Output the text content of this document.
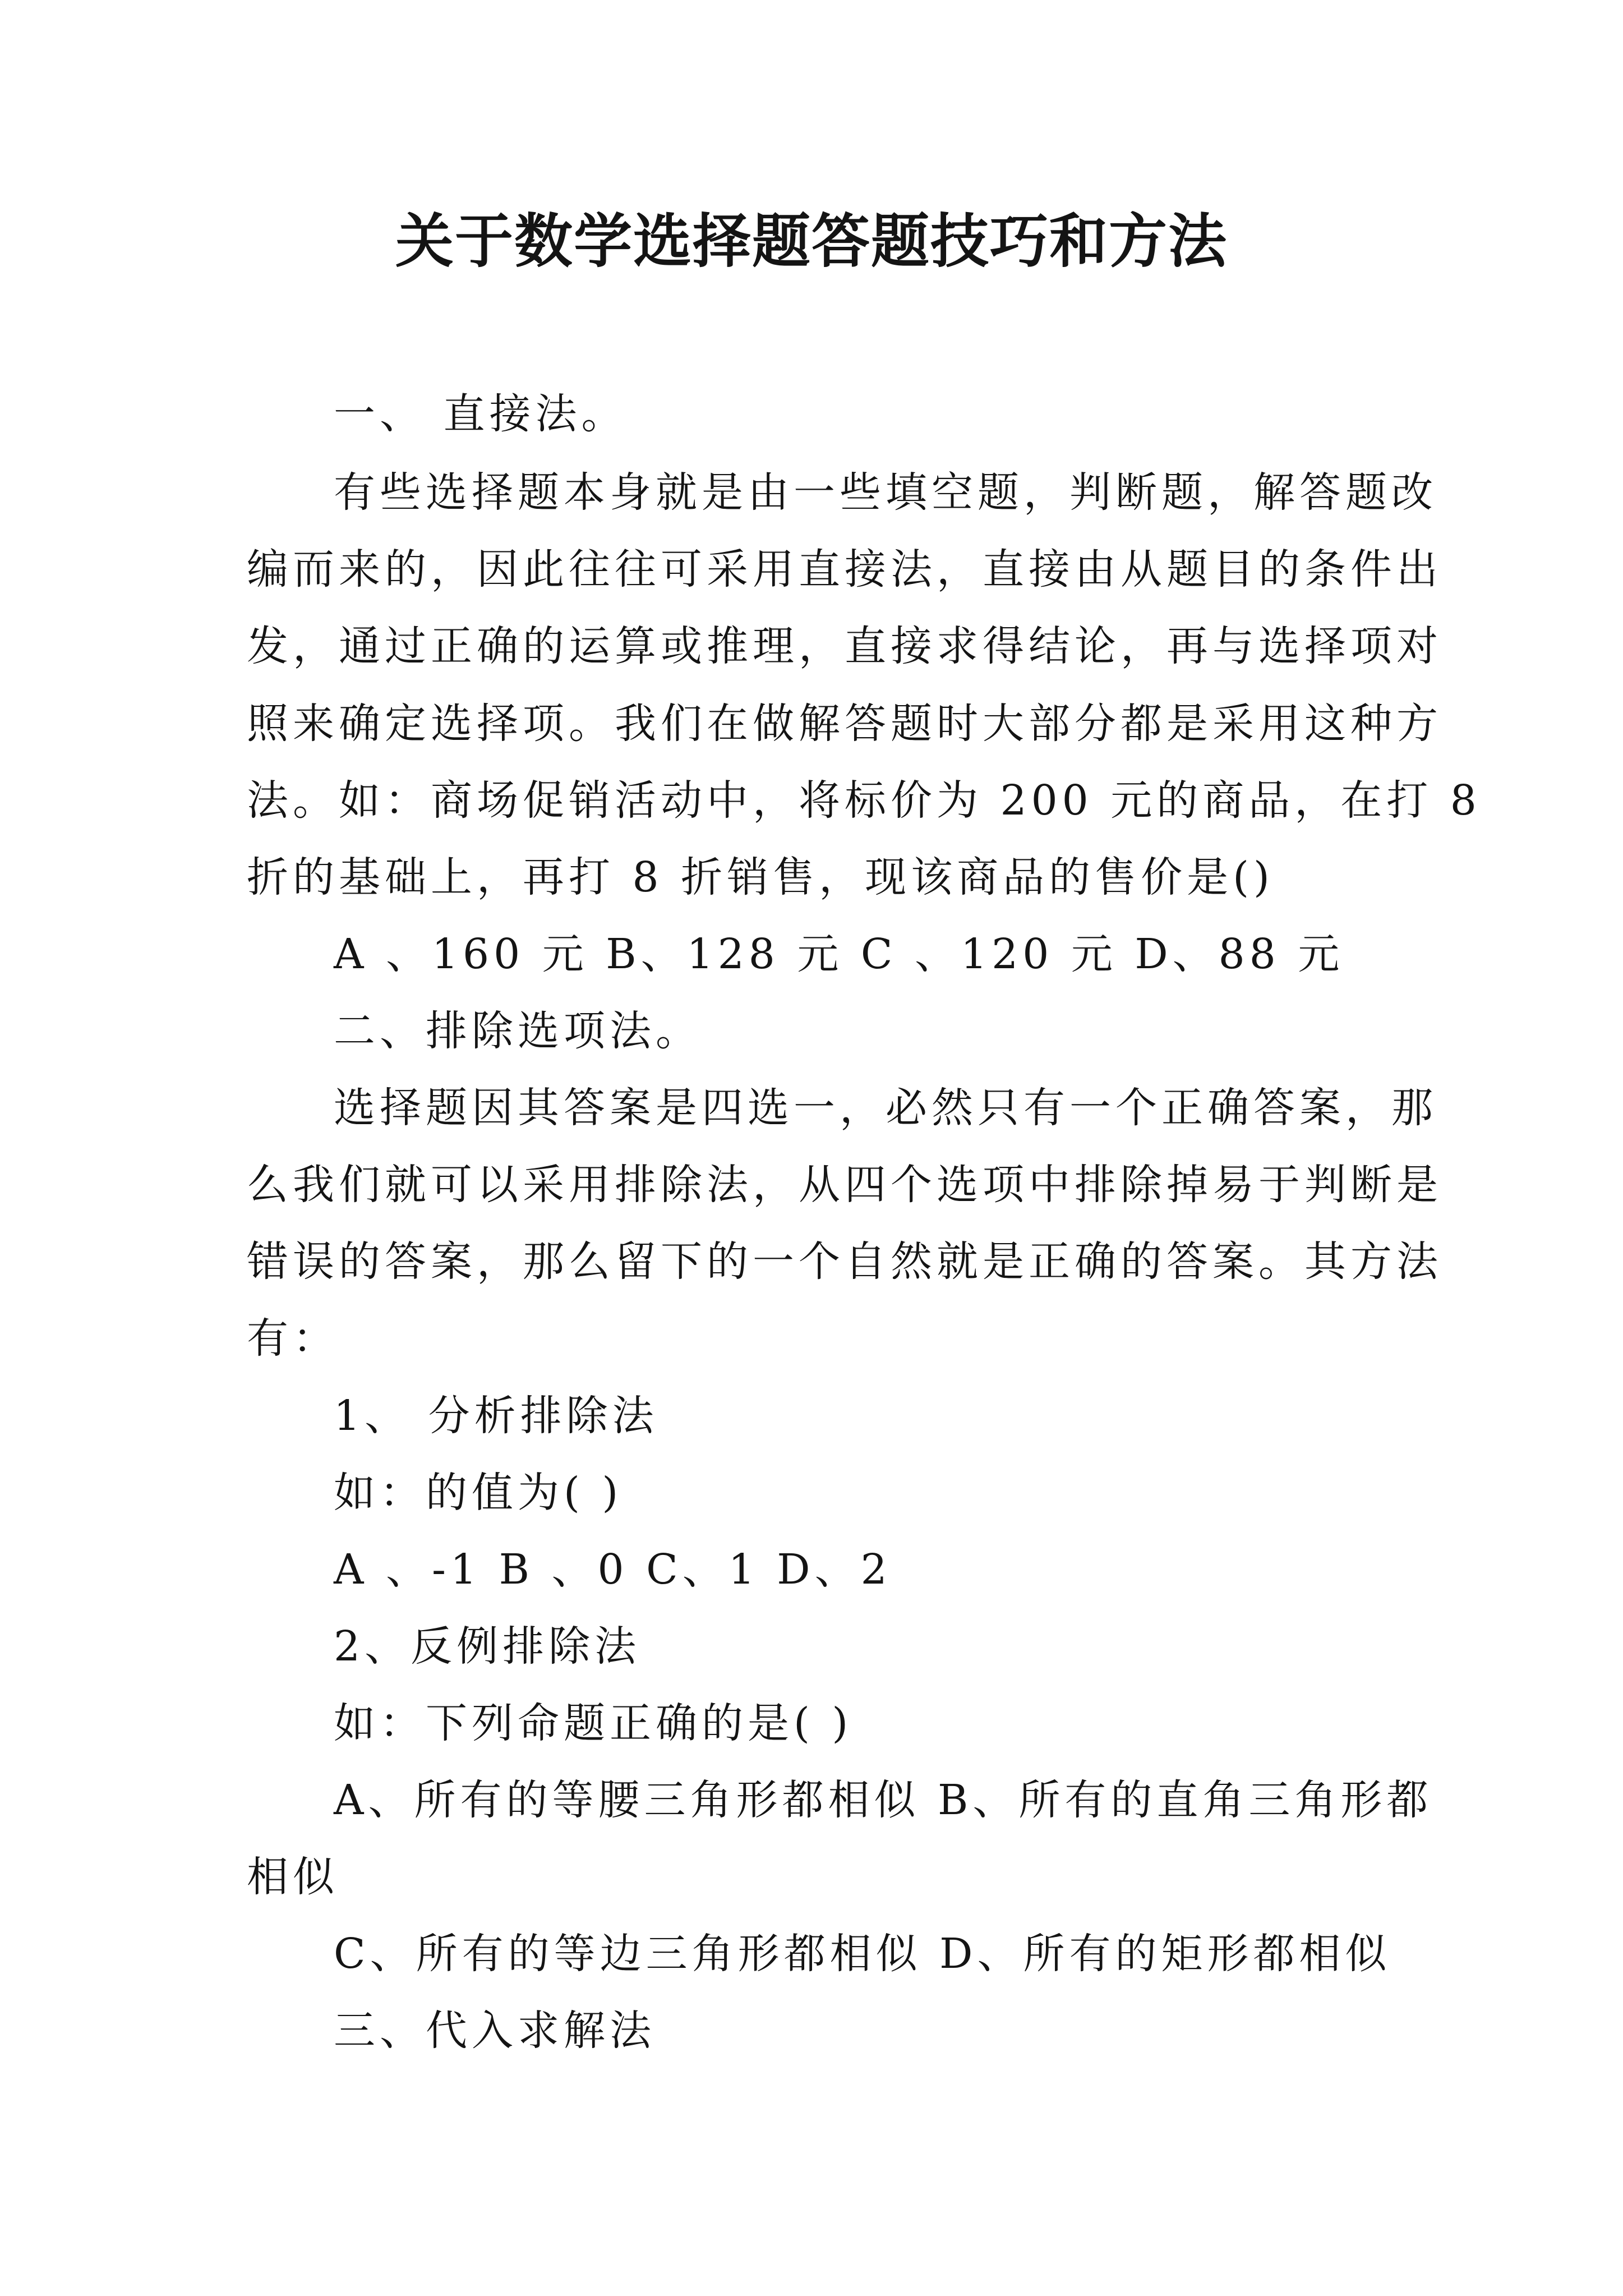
关于数学选择题答题技巧和方法
一、 直接法。
有些选择题本身就是由一些填空题，判断题，解答题改
编而来的，因此往往可采用直接法，直接由从题目的条件出
发，通过正确的运算或推理，直接求得结论，再与选择项对
照来确定选择项。我们在做解答题时大部分都是采用这种方
法。如：商场促销活动中，将标价为 200 元的商品，在打 8
折的基础上，再打 8 折销售，现该商品的售价是()
A 、160 元 B、128 元 C 、120 元 D、88 元
二、排除选项法。
选择题因其答案是四选一，必然只有一个正确答案，那
么我们就可以采用排除法，从四个选项中排除掉易于判断是
错误的答案，那么留下的一个自然就是正确的答案。其方法
有：
1、 分析排除法
如：的值为( )
A 、-1 B 、0 C、1 D、2
2、反例排除法
如：下列命题正确的是( )
A、所有的等腰三角形都相似 B、所有的直角三角形都
相似
C、所有的等边三角形都相似 D、所有的矩形都相似
三、代入求解法
